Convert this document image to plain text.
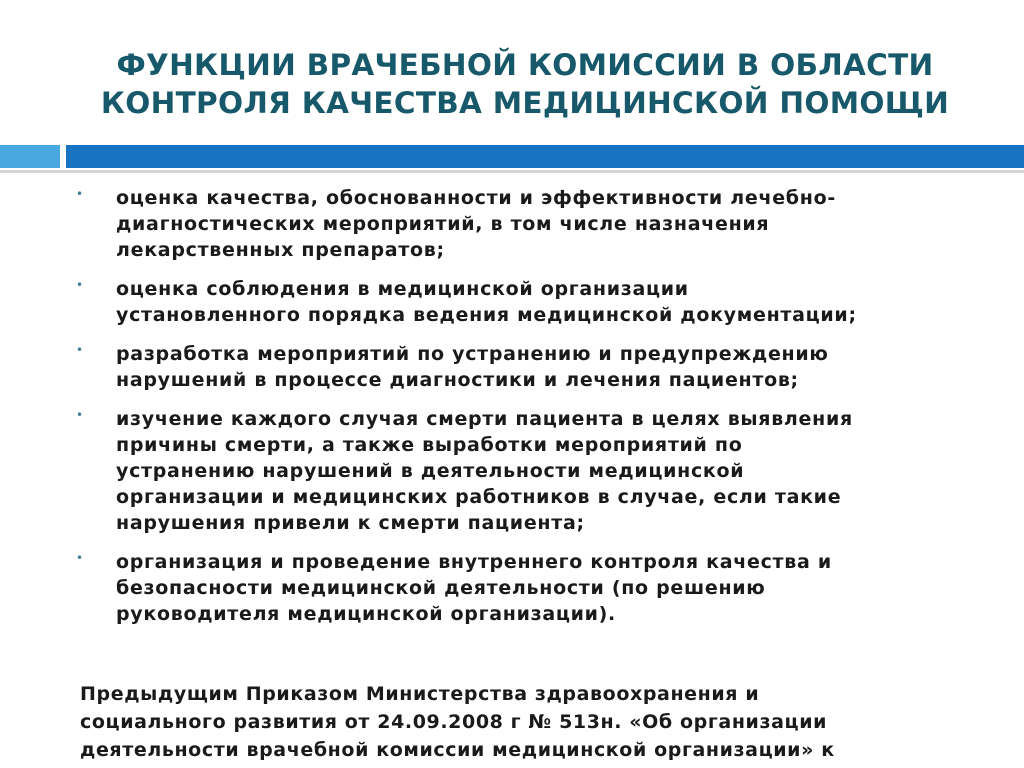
ФУНКЦИИ ВРАЧЕБНОЙ КОМИССИИ В ОБЛАСТИ
КОНТРОЛЯ КАЧЕСТВА МЕДИЦИНСКОЙ ПОМОЩИ
• оценка качества, обоснованности и эффективности лечебно-
диагностических мероприятий, в том числе назначения
лекарственных препаратов;
• оценка соблюдения в медицинской организации
установленного порядка ведения медицинской документации;
• разработка мероприятий по устранению и предупреждению
нарушений в процессе диагностики и лечения пациентов;
• изучение каждого случая смерти пациента в целях выявления
причины смерти, а также выработки мероприятий по
устранению нарушений в деятельности медицинской
организации и медицинских работников в случае, если такие
нарушения привели к смерти пациента;
• организация и проведение внутреннего контроля качества и
безопасности медицинской деятельности (по решению
руководителя медицинской организации).
Предыдущим Приказом Министерства здравоохранения и
социального развития от 24.09.2008 г № 513н. «Об организации
деятельности врачебной комиссии медицинской организации» к
